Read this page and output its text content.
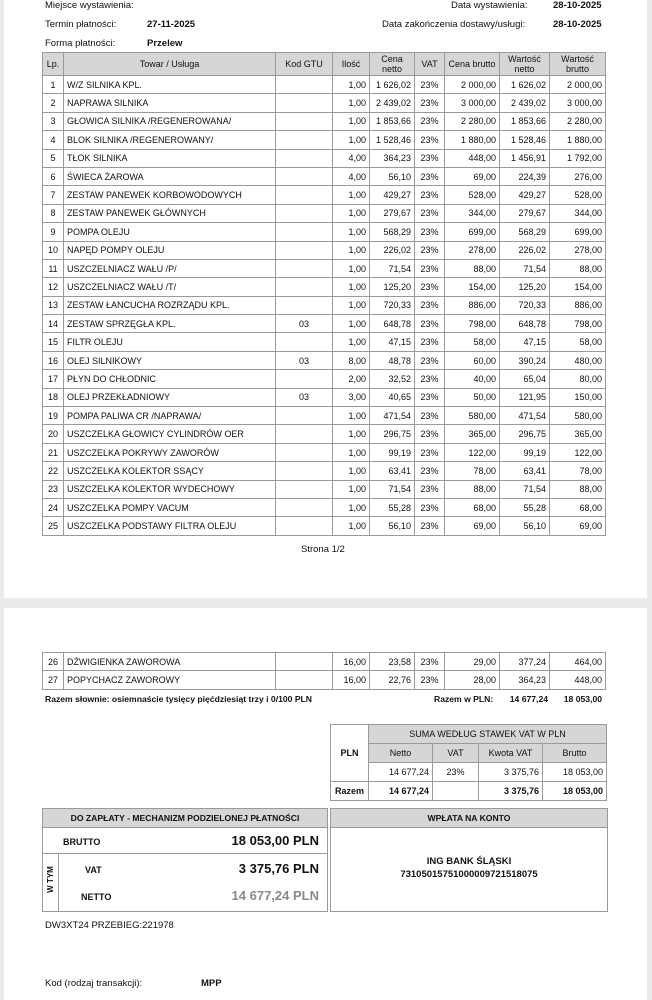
Miejsce wystawienia:	Data wystawienia:	28-10-2025
Termin płatności:	27-11-2025	Data zakończenia dostawy/usługi:	28-10-2025
Forma płatności:	Przelew
Lp.	Towar / Usługa	Kod GTU	Ilość	Cena netto	VAT	Cena brutto	Wartość netto	Wartość brutto
1	W/Z SILNIKA KPL.		1,00	1 626,02	23%	2 000,00	1 626,02	2 000,00
2	NAPRAWA SILNIKA		1,00	2 439,02	23%	3 000,00	2 439,02	3 000,00
3	GŁOWICA SILNIKA /REGENEROWANA/		1,00	1 853,66	23%	2 280,00	1 853,66	2 280,00
4	BLOK SILNIKA /REGENEROWANY/		1,00	1 528,46	23%	1 880,00	1 528,46	1 880,00
5	TŁOK SILNIKA		4,00	364,23	23%	448,00	1 456,91	1 792,00
6	ŚWIECA ŻAROWA		4,00	56,10	23%	69,00	224,39	276,00
7	ZESTAW PANEWEK KORBOWODOWYCH		1,00	429,27	23%	528,00	429,27	528,00
8	ZESTAW PANEWEK GŁÓWNYCH		1,00	279,67	23%	344,00	279,67	344,00
9	POMPA OLEJU		1,00	568,29	23%	699,00	568,29	699,00
10	NAPĘD POMPY OLEJU		1,00	226,02	23%	278,00	226,02	278,00
11	USZCZELNIACZ WAŁU /P/		1,00	71,54	23%	88,00	71,54	88,00
12	USZCZELNIACZ WAŁU /T/		1,00	125,20	23%	154,00	125,20	154,00
13	ZESTAW ŁANCUCHA ROZRZĄDU KPL.		1,00	720,33	23%	886,00	720,33	886,00
14	ZESTAW SPRZĘGŁA KPL.	03	1,00	648,78	23%	798,00	648,78	798,00
15	FILTR OLEJU		1,00	47,15	23%	58,00	47,15	58,00
16	OLEJ SILNIKOWY	03	8,00	48,78	23%	60,00	390,24	480,00
17	PŁYN DO CHŁODNIC		2,00	32,52	23%	40,00	65,04	80,00
18	OLEJ PRZEKŁADNIOWY	03	3,00	40,65	23%	50,00	121,95	150,00
19	POMPA PALIWA CR /NAPRAWA/		1,00	471,54	23%	580,00	471,54	580,00
20	USZCZELKA GŁOWICY CYLINDRÓW OER		1,00	296,75	23%	365,00	296,75	365,00
21	USZCZELKA POKRYWY ZAWORÓW		1,00	99,19	23%	122,00	99,19	122,00
22	USZCZELKA KOLEKTOR SSĄCY		1,00	63,41	23%	78,00	63,41	78,00
23	USZCZELKA KOLEKTOR WYDECHOWY		1,00	71,54	23%	88,00	71,54	88,00
24	USZCZELKA POMPY VACUM		1,00	55,28	23%	68,00	55,28	68,00
25	USZCZELKA PODSTAWY FILTRA OLEJU		1,00	56,10	23%	69,00	56,10	69,00
Strona 1/2
26	DŹWIGIENKA ZAWOROWA		16,00	23,58	23%	29,00	377,24	464,00
27	POPYCHACZ ZAWOROWY		16,00	22,76	23%	28,00	364,23	448,00
Razem słownie: osiemnaście tysięcy pięćdziesiąt trzy i 0/100 PLN	Razem w PLN:	14 677,24	18 053,00
PLN	SUMA WEDŁUG STAWEK VAT W PLN			
	Netto	VAT	Kwota VAT	Brutto
	14 677,24	23%	3 375,76	18 053,00
Razem	14 677,24		3 375,76	18 053,00
DO ZAPŁATY - MECHANIZM PODZIELONEJ PŁATNOŚCI
BRUTTO	18 053,00 PLN
W TYM	VAT	3 375,76 PLN
NETTO	14 677,24 PLN
WPŁATA NA KONTO
ING BANK ŚLĄSKI
73105015751000009721518075
DW3XT24 PRZEBIEG:221978
Kod (rodzaj transakcji):	MPP
